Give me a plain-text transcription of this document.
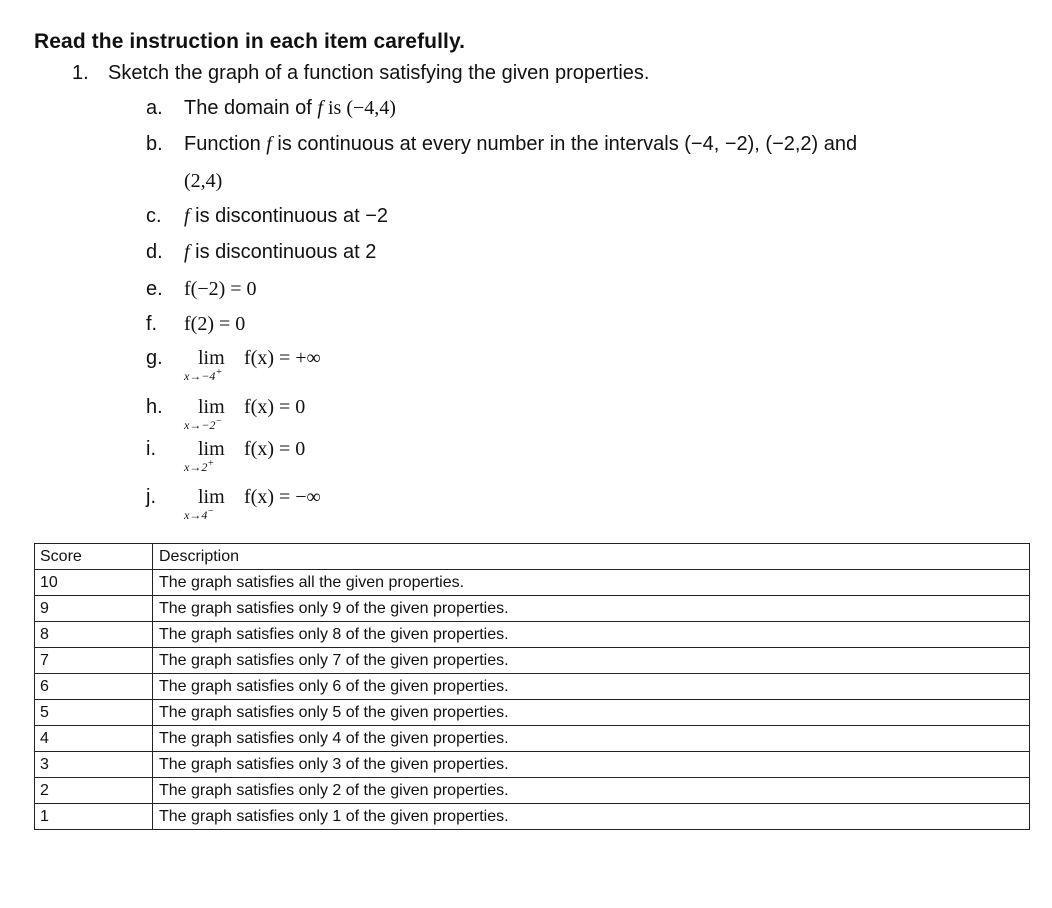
Read the instruction in each item carefully.
1. Sketch the graph of a function satisfying the given properties.
a. The domain of f is (−4,4)
b. Function f is continuous at every number in the intervals (−4, −2), (−2,2) and
(2,4)
c. f is discontinuous at −2
d. f is discontinuous at 2
e. f(−2) = 0
f. f(2) = 0
g. lim
x→−4+
f(x) = +∞
h. lim
x→−2−
f(x) = 0
i. lim
x→2+
f(x) = 0
j. lim
x→4−
f(x) = −∞
Score	Description
10	The graph satisfies all the given properties.
9	The graph satisfies only 9 of the given properties.
8	The graph satisfies only 8 of the given properties.
7	The graph satisfies only 7 of the given properties.
6	The graph satisfies only 6 of the given properties.
5	The graph satisfies only 5 of the given properties.
4	The graph satisfies only 4 of the given properties.
3	The graph satisfies only 3 of the given properties.
2	The graph satisfies only 2 of the given properties.
1	The graph satisfies only 1 of the given properties.
